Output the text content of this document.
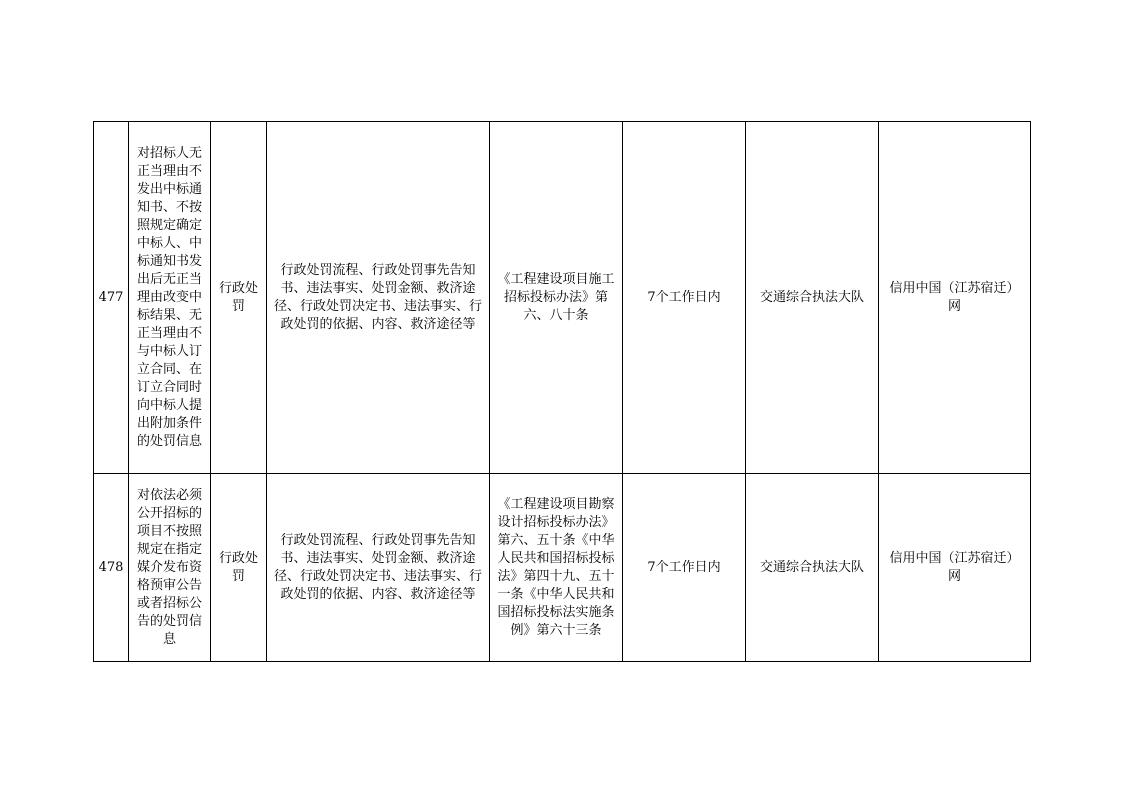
477	对招标人无正当理由不发出中标通知书、不按照规定确定中标人、中标通知书发出后无正当理由改变中标结果、无正当理由不与中标人订立合同、在订立合同时向中标人提出附加条件的处罚信息	行政处罚	行政处罚流程、行政处罚事先告知书、违法事实、处罚金额、救济途径、行政处罚决定书、违法事实、行政处罚的依据、内容、救济途径等	《工程建设项目施工招标投标办法》第六、八十条	7个工作日内	交通综合执法大队	信用中国（江苏宿迁）网
478	对依法必须公开招标的项目不按照规定在指定媒介发布资格预审公告或者招标公告的处罚信息	行政处罚	行政处罚流程、行政处罚事先告知书、违法事实、处罚金额、救济途径、行政处罚决定书、违法事实、行政处罚的依据、内容、救济途径等	《工程建设项目勘察设计招标投标办法》第六、五十条《中华人民共和国招标投标法》第四十九、五十一条《中华人民共和国招标投标法实施条例》第六十三条	7个工作日内	交通综合执法大队	信用中国（江苏宿迁）网
